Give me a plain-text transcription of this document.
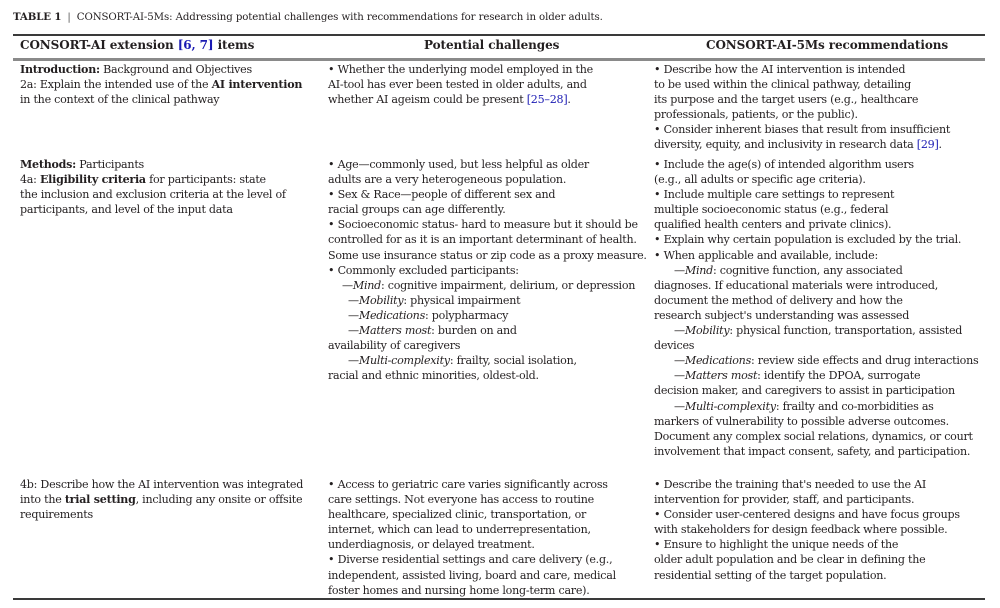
TABLE 1 | CONSORT-AI-5Ms: Addressing potential challenges with recommendations for research in older adults.
CONSORT-AI extension [6, 7] items	Potential challenges	CONSORT-AI-5Ms recommendations
Introduction: Background and Objectives
2a: Explain the intended use of the AI intervention
in the context of the clinical pathway
• Whether the underlying model employed in the
AI-tool has ever been tested in older adults, and
whether AI ageism could be present [25–28].
• Describe how the AI intervention is intended
to be used within the clinical pathway, detailing
its purpose and the target users (e.g., healthcare
professionals, patients, or the public).
• Consider inherent biases that result from insufficient
diversity, equity, and inclusivity in research data [29].
Methods: Participants
4a: Eligibility criteria for participants: state
the inclusion and exclusion criteria at the level of
participants, and level of the input data
• Age—commonly used, but less helpful as older
adults are a very heterogeneous population.
• Sex & Race—people of different sex and
racial groups can age differently.
• Socioeconomic status- hard to measure but it should be
controlled for as it is an important determinant of health.
Some use insurance status or zip code as a proxy measure.
• Commonly excluded participants:
—Mind: cognitive impairment, delirium, or depression
—Mobility: physical impairment
—Medications: polypharmacy
—Matters most: burden on and
availability of caregivers
—Multi-complexity: frailty, social isolation,
racial and ethnic minorities, oldest-old.
• Include the age(s) of intended algorithm users
(e.g., all adults or specific age criteria).
• Include multiple care settings to represent
multiple socioeconomic status (e.g., federal
qualified health centers and private clinics).
• Explain why certain population is excluded by the trial.
• When applicable and available, include:
—Mind: cognitive function, any associated
diagnoses. If educational materials were introduced,
document the method of delivery and how the
research subject's understanding was assessed
—Mobility: physical function, transportation, assisted
devices
—Medications: review side effects and drug interactions
—Matters most: identify the DPOA, surrogate
decision maker, and caregivers to assist in participation
—Multi-complexity: frailty and co-morbidities as
markers of vulnerability to possible adverse outcomes.
Document any complex social relations, dynamics, or court
involvement that impact consent, safety, and participation.
4b: Describe how the AI intervention was integrated
into the trial setting, including any onsite or offsite
requirements
• Access to geriatric care varies significantly across
care settings. Not everyone has access to routine
healthcare, specialized clinic, transportation, or
internet, which can lead to underrepresentation,
underdiagnosis, or delayed treatment.
• Diverse residential settings and care delivery (e.g.,
independent, assisted living, board and care, medical
foster homes and nursing home long-term care).
• Describe the training that's needed to use the AI
intervention for provider, staff, and participants.
• Consider user-centered designs and have focus groups
with stakeholders for design feedback where possible.
• Ensure to highlight the unique needs of the
older adult population and be clear in defining the
residential setting of the target population.
